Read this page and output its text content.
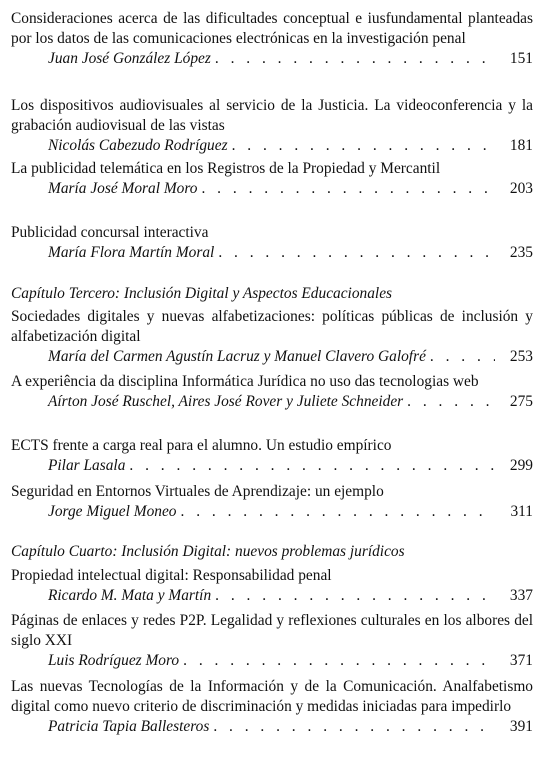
Consideraciones acerca de las dificultades conceptual e iusfundamental planteadas por los datos de las comunicaciones electrónicas en la investigación penal
Juan José González López . . .	151
Los dispositivos audiovisuales al servicio de la Justicia. La videoconferencia y la grabación audiovisual de las vistas
Nicolás Cabezudo Rodríguez . . .	181
La publicidad telemática en los Registros de la Propiedad y Mercantil
María José Moral Moro . . .	203
Publicidad concursal interactiva
María Flora Martín Moral . . .	235
Capítulo Tercero: Inclusión Digital y Aspectos Educacionales
Sociedades digitales y nuevas alfabetizaciones: políticas públicas de inclusión y alfabetización digital
María del Carmen Agustín Lacruz y Manuel Clavero Galofré . . .	253
A experiência da disciplina Informática Jurídica no uso das tecnologias web
Aírton José Ruschel, Aires José Rover y Juliete Schneider . . .	275
ECTS frente a carga real para el alumno. Un estudio empírico
Pilar Lasala . . .	299
Seguridad en Entornos Virtuales de Aprendizaje: un ejemplo
Jorge Miguel Moneo . . .	311
Capítulo Cuarto: Inclusión Digital: nuevos problemas jurídicos
Propiedad intelectual digital: Responsabilidad penal
Ricardo M. Mata y Martín . . .	337
Páginas de enlaces y redes P2P. Legalidad y reflexiones culturales en los albores del siglo XXI
Luis Rodríguez Moro . . .	371
Las nuevas Tecnologías de la Información y de la Comunicación. Analfabetismo digital como nuevo criterio de discriminación y medidas iniciadas para impedirlo
Patricia Tapia Ballesteros . . .	391
